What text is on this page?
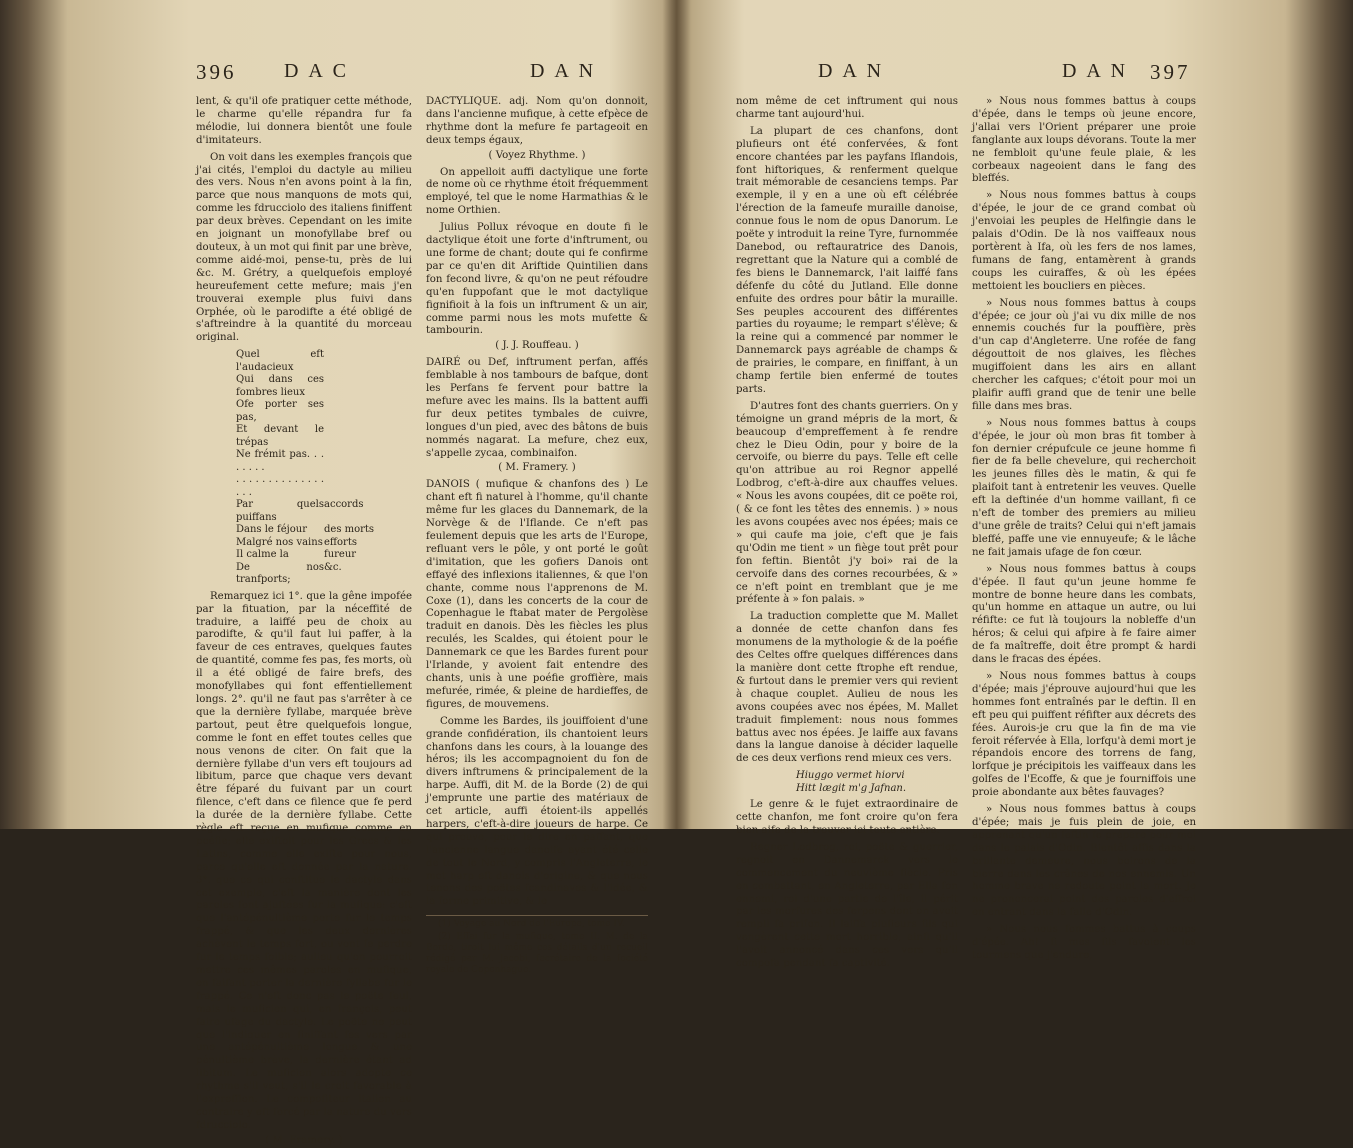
396 D A C	D A N

lent, & qu'il ofe pratiquer cette méthode, le charme qu'elle répandra fur fa mélodie, lui donnera bientôt une foule d'imitateurs.

On voit dans les exemples françois que j'ai cités, l'emploi du dactyle au milieu des vers. Nous n'en avons point à la fin, parce que nous manquons de mots qui, comme les fdrucciolo des italiens finiffent par deux brèves. Cependant on les imite en joignant un monofyllabe bref ou douteux, à un mot qui finit par une brève, comme aidé-moi, pense-tu, près de lui &c. M. Grétry, a quelquefois employé heureufement cette mefure; mais j'en trouverai exemple plus fuivi dans Orphée, où le parodifte a été obligé de s'aftreindre à la quantité du morceau original.

Quel eft l'audacieux
Qui dans ces fombres lieux
Ofe porter ses pas,
Et devant le trépas
Ne frémit pas. . . . . . . .
. . . . . . . . . . . . . . . . .
Par quels puiffans
accords
Dans le féjour	des morts
Malgré nos vains efforts
Il calme la	fureur
De nos tranfports;
&c.

Remarquez ici 1°. que la gêne impofée par la fituation, par la néceffité de traduire, a laiffé peu de choix au parodifte, & qu'il faut lui paffer, à la faveur de ces entraves, quelques fautes de quantité, comme fes pas, fes morts, où il a été obligé de faire brefs, des monofyllabes qui font effentiellement longs. 2°. qu'il ne faut pas s'arrêter à ce que la dernière fyllabe, marquée brève partout, peut être quelquefois longue, comme le font en effet toutes celles que nous venons de citer. On fait que la dernière fyllabe d'un vers eft toujours ad libitum, parce que chaque vers devant être féparé du fuivant par un court filence, c'eft dans ce filence que fe perd la durée de la dernière fyllabe. Cette règle eft reçue en mufique comme en poéfie; elle exiftoit pour les Grecs & les Latins, comme elle exifte pour nous, parce qu'elle eft donnée par la nature. 3°. que ce qui conftitue le dactyle dans cet exemple, c'eft la manière dont les paroles font ajuftées fur la mufique: c'eft que l'antépénultième porte fur le temps frappé, & que les deux dernières achèvent le temps fort, ou vont fe perdre fur le temps foible; aulieu qu'on pourroit mettre ces mêmes paroles en mufique, en faifant porter la dernière fyllabe fur le frappé. Ce n'eft donc pas le poëte feul, mais le muficien qui, en françois, peut faire ufage du dactyle. Le poëte ne peut que l'indiquer en finiffant fes vers par une antépénultième longue & une pénultième brève, la dernière étant ad libitum. Le muficien alors adopte ce rhythme s'il veut, s'il le croit favorable à l'expreffion. Le compofiteur italien au contraire y eft forcé par la nature du vers fdrucciolo.

( M. Framery. )

DACTYLIQUE. adj. Nom qu'on donnoit, dans l'ancienne mufique, à cette efpèce de rhythme dont la mefure fe partageoit en deux temps égaux,

( Voyez Rhythme. )

On appelloit auffi dactylique une forte de nome où ce rhythme étoit fréquemment employé, tel que le nome Harmathias & le nome Orthien.

Julius Pollux révoque en doute fi le dactylique étoit une forte d'inftrument, ou une forme de chant; doute qui fe confirme par ce qu'en dit Ariftide Quintilien dans fon fecond livre, & qu'on ne peut réfoudre qu'en fuppofant que le mot dactylique fignifioit à la fois un inftrument & un air, comme parmi nous les mots mufette & tambourin.

( J. J. Rouffeau. )

DAIRÉ ou Def, inftrument perfan, affés femblable à nos tambours de bafque, dont les Perfans fe fervent pour battre la mefure avec les mains. Ils la battent auffi fur deux petites tymbales de cuivre, longues d'un pied, avec des bâtons de buis nommés nagarat. La mefure, chez eux, s'appelle zycaa, combinaifon.

( M. Framery. )

DANOIS ( mufique & chanfons des ) Le chant eft fi naturel à l'homme, qu'il chante même fur les glaces du Dannemark, de la Norvège & de l'Iflande. Ce n'eft pas feulement depuis que les arts de l'Europe, refluant vers le pôle, y ont porté le goût d'imitation, que les gofiers Danois ont effayé des inflexions italiennes, & que l'on chante, comme nous l'apprenons de M. Coxe (1), dans les concerts de la cour de Copenhague le ftabat mater de Pergolèse traduit en danois. Dès les fiècles les plus reculés, les Scaldes, qui étoient pour le Dannemark ce que les Bardes furent pour l'Irlande, y avoient fait entendre des chants, unis à une poéfie groffière, mais mefurée, rimée, & pleine de hardieffes, de figures, de mouvemens.

Comme les Bardes, ils jouiffoient d'une grande confidération, ils chantoient leurs chanfons dans les cours, à la louange des héros; ils les accompagnoient du fon de divers inftrumens & principalement de la harpe. Auffi, dit M. de la Borde (2) de qui j'emprunte une partie des matériaux de cet article, auffi étoient-ils appellés harpers, c'eft-à-dire joueurs de harpe. Ce qui prouve, pour le dire en paffant, que l'ancienne langue danoife ayant été celle de tout le Nord, y compris l'Angleterre, le mot harp eft danois d'origine, & que nous tenons des poëtes fcandinaves & l'idée, & la forme primitive, & le

(1) Voyage au Nord de l'Europe, tome IV.

(2) Effai fur la mufique, tome II. M. de la Borde, tiroit lui même ces détails d'un recueil rédigé par M. Jacobi, fecrétaire de la fociété royale de Copenhague.

D A N	D A N 397

nom même de cet inftrument qui nous charme tant aujourd'hui.

La plupart de ces chanfons, dont plufieurs ont été confervées, & font encore chantées par les payfans Iflandois, font hiftoriques, & renferment quelque trait mémorable de cesanciens temps. Par exemple, il y en a une où eft célébrée l'érection de la fameufe muraille danoise, connue fous le nom de opus Danorum. Le poëte y introduit la reine Tyre, furnommée Danebod, ou reftauratrice des Danois, regrettant que la Nature qui a comblé de fes biens le Dannemarck, l'ait laiffé fans défenfe du côté du Jutland. Elle donne enfuite des ordres pour bâtir la muraille. Ses peuples accourent des différentes parties du royaume; le rempart s'élève; & la reine qui a commencé par nommer le Dannemarck pays agréable de champs & de prairies, le compare, en finiffant, à un champ fertile bien enfermé de toutes parts.

D'autres font des chants guerriers. On y témoigne un grand mépris de la mort, & beaucoup d'empreffement à fe rendre chez le Dieu Odin, pour y boire de la cervoife, ou bierre du pays. Telle eft celle qu'on attribue au roi Regnor appellé Lodbrog, c'eft-à-dire aux chauffes velues. « Nous les avons coupées, dit ce poëte roi, ( & ce font les têtes des ennemis. ) » nous les avons coupées avec nos épées; mais ce » qui caufe ma joie, c'eft que je fais qu'Odin me tient » un fiège tout prêt pour fon feftin. Bientôt j'y boi» rai de la cervoife dans des cornes recourbées, & » ce n'eft point en tremblant que je me préfente à » fon palais. »

La traduction complette que M. Mallet a donnée de cette chanfon dans fes monumens de la mythologie & de la poéfie des Celtes offre quelques différences dans la manière dont cette ftrophe eft rendue, & furtout dans le premier vers qui revient à chaque couplet. Aulieu de nous les avons coupées avec nos épées, M. Mallet traduit fimplement: nous nous fommes battus avec nos épées. Je laiffe aux favans dans la langue danoise à décider laquelle de ces deux verfions rend mieux ces vers.

Hiuggo vermet hiorvi
Hitt lægit m'g Jafnan.

Le genre & le fujet extraordinaire de cette chanfon, me font croire qu'on fera bien aife de la trouver ici toute entière.

Regner Lodbrog, roi, poëte & guerrier, regnoit en Dannemarck vers le commencement du neuvième fiècle. Pris en combattant, en Angleterre, par Ella fon ennemi, roi d'une partie de l'île, il périt par les morfures des ferpens dont on avoit rempli fa prifon. Il laiffa plufieurs fils qui vengèrent cette mort horrible, ainfi qu'il l'avoit annoncé dans ces vers qu'il compofa pendant fa captivité.

» Nous nous fommes battus à coups d'épée, dans le temps où jeune encore, j'allai vers l'Orient préparer une proie fanglante aux loups dévorans. Toute la mer ne fembloit qu'une feule plaie, & les corbeaux nageoient dans le fang des bleffés.

» Nous nous fommes battus à coups d'épée, le jour de ce grand combat où j'envoiai les peuples de Helfingie dans le palais d'Odin. De là nos vaiffeaux nous portèrent à Ifa, où les fers de nos lames, fumans de fang, entamèrent à grands coups les cuiraffes, & où les épées mettoient les boucliers en pièces.

» Nous nous fommes battus à coups d'épée; ce jour où j'ai vu dix mille de nos ennemis couchés fur la pouffière, près d'un cap d'Angleterre. Une rofée de fang dégouttoit de nos glaives, les flèches mugiffoient dans les airs en allant chercher les cafques; c'étoit pour moi un plaifir auffi grand que de tenir une belle fille dans mes bras.

» Nous nous fommes battus à coups d'épée, le jour où mon bras fit tomber à fon dernier crépufcule ce jeune homme fi fier de fa belle chevelure, qui recherchoit les jeunes filles dès le matin, & qui fe plaifoit tant à entretenir les veuves. Quelle eft la deftinée d'un homme vaillant, fi ce n'eft de tomber des premiers au milieu d'une grêle de traits? Celui qui n'eft jamais bleffé, paffe une vie ennuyeufe; & le lâche ne fait jamais ufage de fon cœur.

» Nous nous fommes battus à coups d'épée. Il faut qu'un jeune homme fe montre de bonne heure dans les combats, qu'un homme en attaque un autre, ou lui réfifte: ce fut là toujours la nobleffe d'un héros; & celui qui afpire à fe faire aimer de fa maîtreffe, doit être prompt & hardi dans le fracas des épées.

» Nous nous fommes battus à coups d'épée; mais j'éprouve aujourd'hui que les hommes font entraînés par le deftin. Il en eft peu qui puiffent réfifter aux décrets des fées. Aurois-je cru que la fin de ma vie feroit réfervée à Ella, lorfqu'à demi mort je répandois encore des torrens de fang, lorfque je précipitois les vaiffeaux dans les golfes de l'Ecoffe, & que je fourniffois une proie abondante aux bêtes fauvages?

» Nous nous fommes battus à coups d'épée; mais je fuis plein de joie, en apprenant qu'un feftin fe prépare pour moi dans le palais d'Odin. Bientôt affis dans la brillante demeure, nous boirons de la bierre dans les crânes de nos ennemis. Un homme brave ne redoute point la mort. Je ne prononcerai point des paroles d'effroi en entrant dans la falle d'Odin.

» Nous nous fommes battus à coups d'épée. Ah! fi mes fils favoient les tourmens que j'endure,
